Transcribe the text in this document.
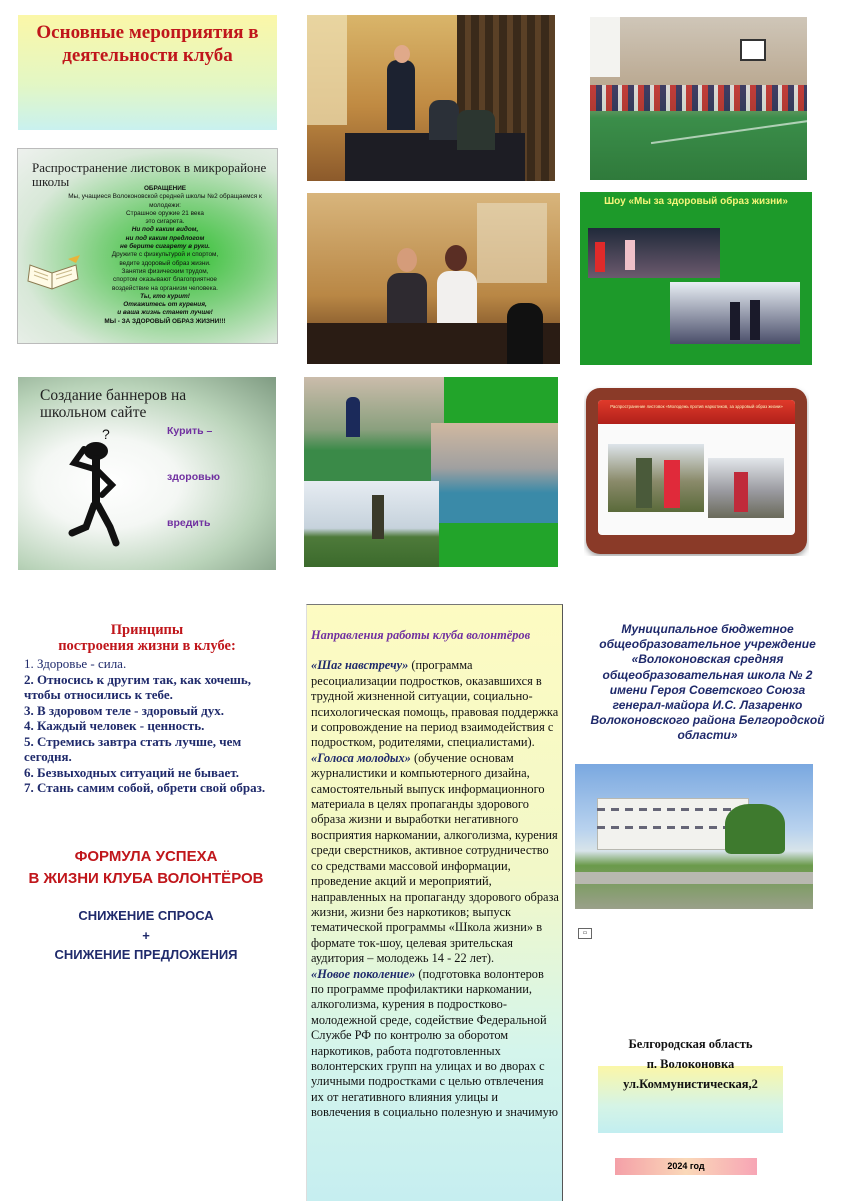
Основные мероприятия в деятельности клуба
Распространение листовок в микрорайоне школы	ОБРАЩЕНИЕ
Мы, учащиеся Волоконовской средней школы №2 обращаемся к молодежи:
Страшное оружие 21 века
это сигарета.
Ни под каким видом,
ни под каким предлогом
не берите сигарету в руки.
Дружите с физкультурой и спортом,
ведите здоровый образ жизни.
Занятия физическим трудом,
спортом оказывают благоприятное
воздействие на организм человека.
Ты, кто курит!
Откажитесь от курения,
и ваша жизнь станет лучше!
МЫ - ЗА ЗДОРОВЫЙ ОБРАЗ ЖИЗНИ!!!
Шоу «Мы за здоровый образ жизни»
Создание баннеров на школьном сайте
?	Курить –
здоровью
вредить
Распространение листовок «Молодежь против наркотиков, за здоровый образ жизни»
Принципы
построения жизни в клубе:
1. Здоровье - сила.
2. Относись к другим так, как хочешь, чтобы относились к тебе.
3. В здоровом теле - здоровый дух.
4. Каждый человек - ценность.
5. Стремись завтра стать лучше, чем сегодня.
6. Безвыходных ситуаций не бывает.
7. Стань самим собой, обрети свой образ.
ФОРМУЛА УСПЕХА
В ЖИЗНИ КЛУБА ВОЛОНТЁРОВ
СНИЖЕНИЕ СПРОСА
+
СНИЖЕНИЕ ПРЕДЛОЖЕНИЯ
Направления работы клуба волонтёров
«Шаг навстречу» (программа ресоциализации подростков, оказавшихся в трудной жизненной ситуации, социально-психологическая помощь, правовая поддержка и сопровождение на период взаимодействия с подростком, родителями, специалистами).
«Голоса молодых» (обучение основам журналистики и компьютерного дизайна, самостоятельный выпуск информационного материала в целях пропаганды здорового образа жизни и выработки негативного восприятия наркомании, алкоголизма, курения среди сверстников, активное сотрудничество со средствами массовой информации, проведение акций и мероприятий, направленных на пропаганду здорового образа жизни, жизни без наркотиков; выпуск тематической программы «Школа жизни» в формате ток-шоу, целевая зрительская аудитория – молодежь 14 - 22 лет).
«Новое поколение» (подготовка волонтеров по программе профилактики наркомании, алкоголизма, курения в подростково-молодежной среде, содействие Федеральной Службе РФ по контролю за оборотом наркотиков, работа подготовленных волонтерских групп на улицах и во дворах с уличными подростками с целью отвлечения их от негативного влияния улицы и вовлечения в социально полезную и значимую
Муниципальное бюджетное общеобразовательное учреждение «Волоконовская средняя общеобразовательная школа № 2 имени Героя Советского Союза генерал-майора И.С. Лазаренко Волоконовского района Белгородской области»
▭
Белгородская область
п. Волоконовка
ул.Коммунистическая,2
2024 год
